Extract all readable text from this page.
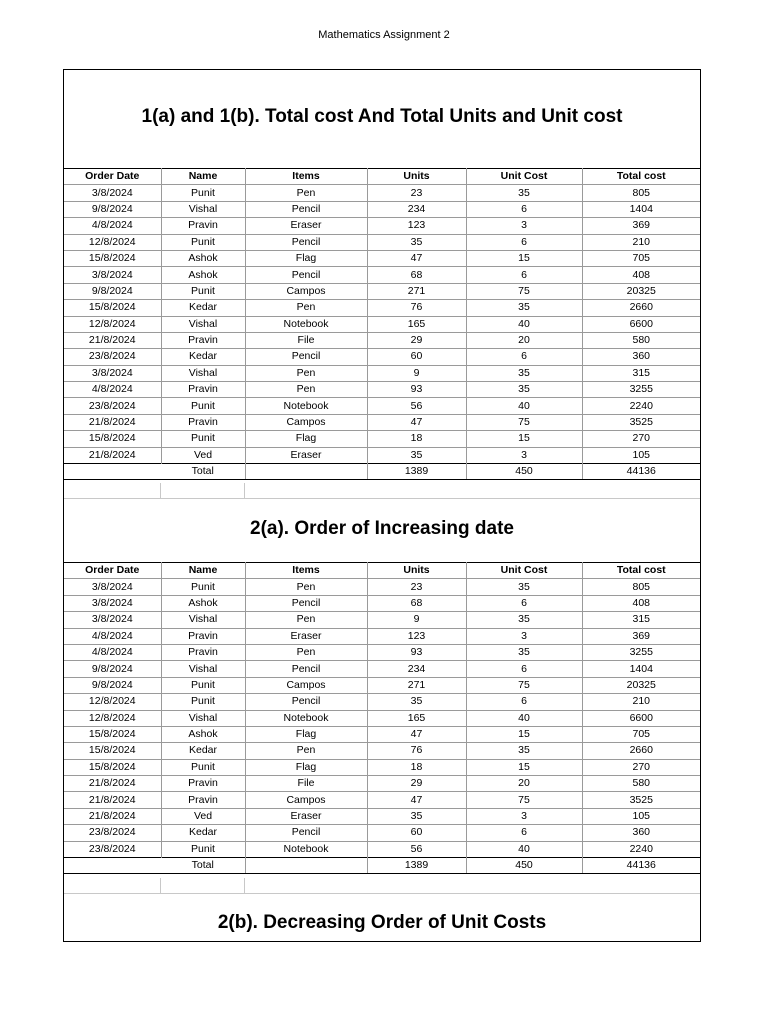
Mathematics Assignment 2
1(a) and 1(b). Total cost And Total Units and Unit cost
Order Date	Name	Items	Units	Unit Cost	Total cost
3/8/2024	Punit	Pen	23	35	805
9/8/2024	Vishal	Pencil	234	6	1404
4/8/2024	Pravin	Eraser	123	3	369
12/8/2024	Punit	Pencil	35	6	210
15/8/2024	Ashok	Flag	47	15	705
3/8/2024	Ashok	Pencil	68	6	408
9/8/2024	Punit	Campos	271	75	20325
15/8/2024	Kedar	Pen	76	35	2660
12/8/2024	Vishal	Notebook	165	40	6600
21/8/2024	Pravin	File	29	20	580
23/8/2024	Kedar	Pencil	60	6	360
3/8/2024	Vishal	Pen	9	35	315
4/8/2024	Pravin	Pen	93	35	3255
23/8/2024	Punit	Notebook	56	40	2240
21/8/2024	Pravin	Campos	47	75	3525
15/8/2024	Punit	Flag	18	15	270
21/8/2024	Ved	Eraser	35	3	105
	Total		1389	450	44136
2(a). Order of Increasing date
Order Date	Name	Items	Units	Unit Cost	Total cost
3/8/2024	Punit	Pen	23	35	805
3/8/2024	Ashok	Pencil	68	6	408
3/8/2024	Vishal	Pen	9	35	315
4/8/2024	Pravin	Eraser	123	3	369
4/8/2024	Pravin	Pen	93	35	3255
9/8/2024	Vishal	Pencil	234	6	1404
9/8/2024	Punit	Campos	271	75	20325
12/8/2024	Punit	Pencil	35	6	210
12/8/2024	Vishal	Notebook	165	40	6600
15/8/2024	Ashok	Flag	47	15	705
15/8/2024	Kedar	Pen	76	35	2660
15/8/2024	Punit	Flag	18	15	270
21/8/2024	Pravin	File	29	20	580
21/8/2024	Pravin	Campos	47	75	3525
21/8/2024	Ved	Eraser	35	3	105
23/8/2024	Kedar	Pencil	60	6	360
23/8/2024	Punit	Notebook	56	40	2240
	Total		1389	450	44136
2(b). Decreasing Order of Unit Costs
